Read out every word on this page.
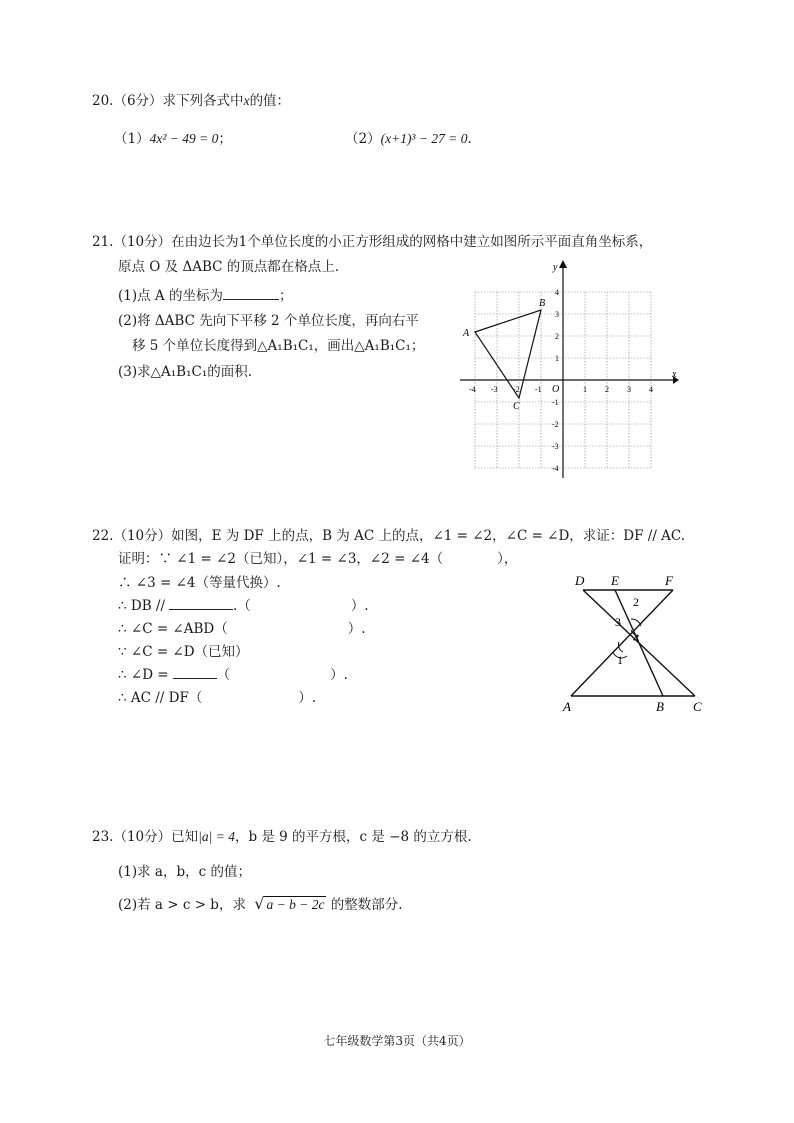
20.（6分）求下列各式中x的值：
（1）4x² − 49 = 0；	（2）(x+1)³ − 27 = 0.
21.（10分）在由边长为1个单位长度的小正方形组成的网格中建立如图所示平面直角坐标系，
原点 O 及 ΔABC 的顶点都在格点上.
(1)点 A 的坐标为	；
(2)将 ΔABC 先向下平移 2 个单位长度，再向右平
移 5 个单位长度得到△A₁B₁C₁，画出△A₁B₁C₁；
(3)求△A₁B₁C₁的面积.	x
y
O
-4 -3 -2 -1	1 2 3 4
4
3
2
1
-1
-2
-3
-4
A
B
C
22.（10分）如图，E 为 DF 上的点，B 为 AC 上的点，∠1 = ∠2，∠C = ∠D，求证：DF // AC.
证明：∵ ∠1 = ∠2（已知），∠1 = ∠3，∠2 = ∠4（	），
∴ ∠3 = ∠4（等量代换）.
∴ DB //	.（	）.
∴ ∠C = ∠ABD（	）.
∵ ∠C = ∠D（已知）
∴ ∠D =	（	）.
∴ AC // DF（	）.
D E	F
A	B C
2
3
4
1
23.（10分）已知|a| = 4，b 是 9 的平方根，c 是 −8 的立方根.
(1)求 a，b，c 的值；
(2)若 a > c > b，求 √ a − b − 2c 的整数部分.
七年级数学第3页（共4页）
